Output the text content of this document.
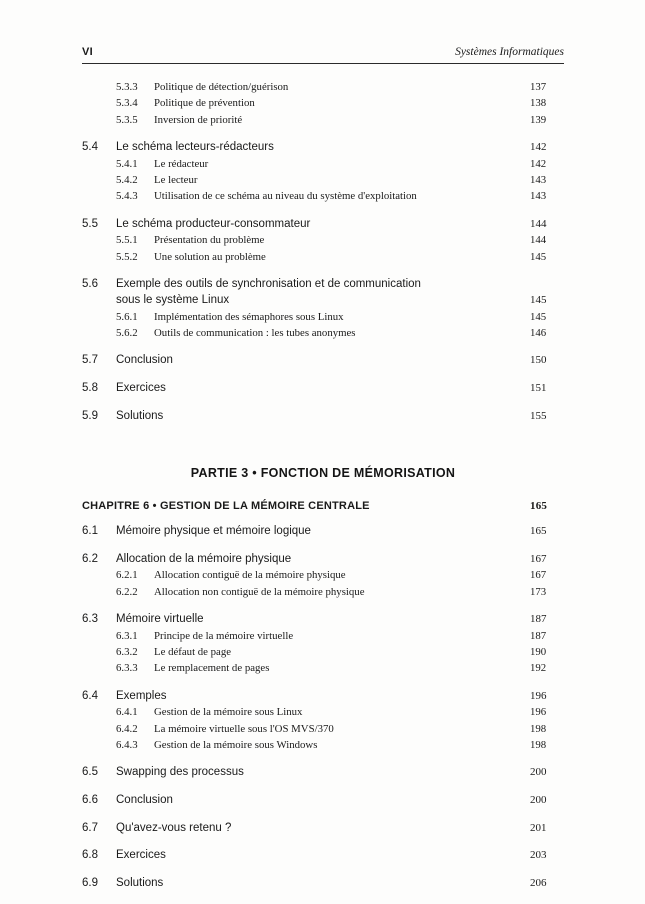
VI	Systèmes Informatiques
5.3.3	Politique de détection/guérison	137
5.3.4	Politique de prévention	138
5.3.5	Inversion de priorité	139
5.4	Le schéma lecteurs-rédacteurs	142
5.4.1	Le rédacteur	142
5.4.2	Le lecteur	143
5.4.3	Utilisation de ce schéma au niveau du système d'exploitation	143
5.5	Le schéma producteur-consommateur	144
5.5.1	Présentation du problème	144
5.5.2	Une solution au problème	145
5.6	Exemple des outils de synchronisation et de communication
sous le système Linux	145
5.6.1	Implémentation des sémaphores sous Linux	145
5.6.2	Outils de communication : les tubes anonymes	146
5.7	Conclusion	150
5.8	Exercices	151
5.9	Solutions	155
PARTIE 3 • FONCTION DE MÉMORISATION
CHAPITRE 6 • GESTION DE LA MÉMOIRE CENTRALE	165
6.1	Mémoire physique et mémoire logique	165
6.2	Allocation de la mémoire physique	167
6.2.1	Allocation contiguë de la mémoire physique	167
6.2.2	Allocation non contiguë de la mémoire physique	173
6.3	Mémoire virtuelle	187
6.3.1	Principe de la mémoire virtuelle	187
6.3.2	Le défaut de page	190
6.3.3	Le remplacement de pages	192
6.4	Exemples	196
6.4.1	Gestion de la mémoire sous Linux	196
6.4.2	La mémoire virtuelle sous l'OS MVS/370	198
6.4.3	Gestion de la mémoire sous Windows	198
6.5	Swapping des processus	200
6.6	Conclusion	200
6.7	Qu'avez-vous retenu ?	201
6.8	Exercices	203
6.9	Solutions	206
